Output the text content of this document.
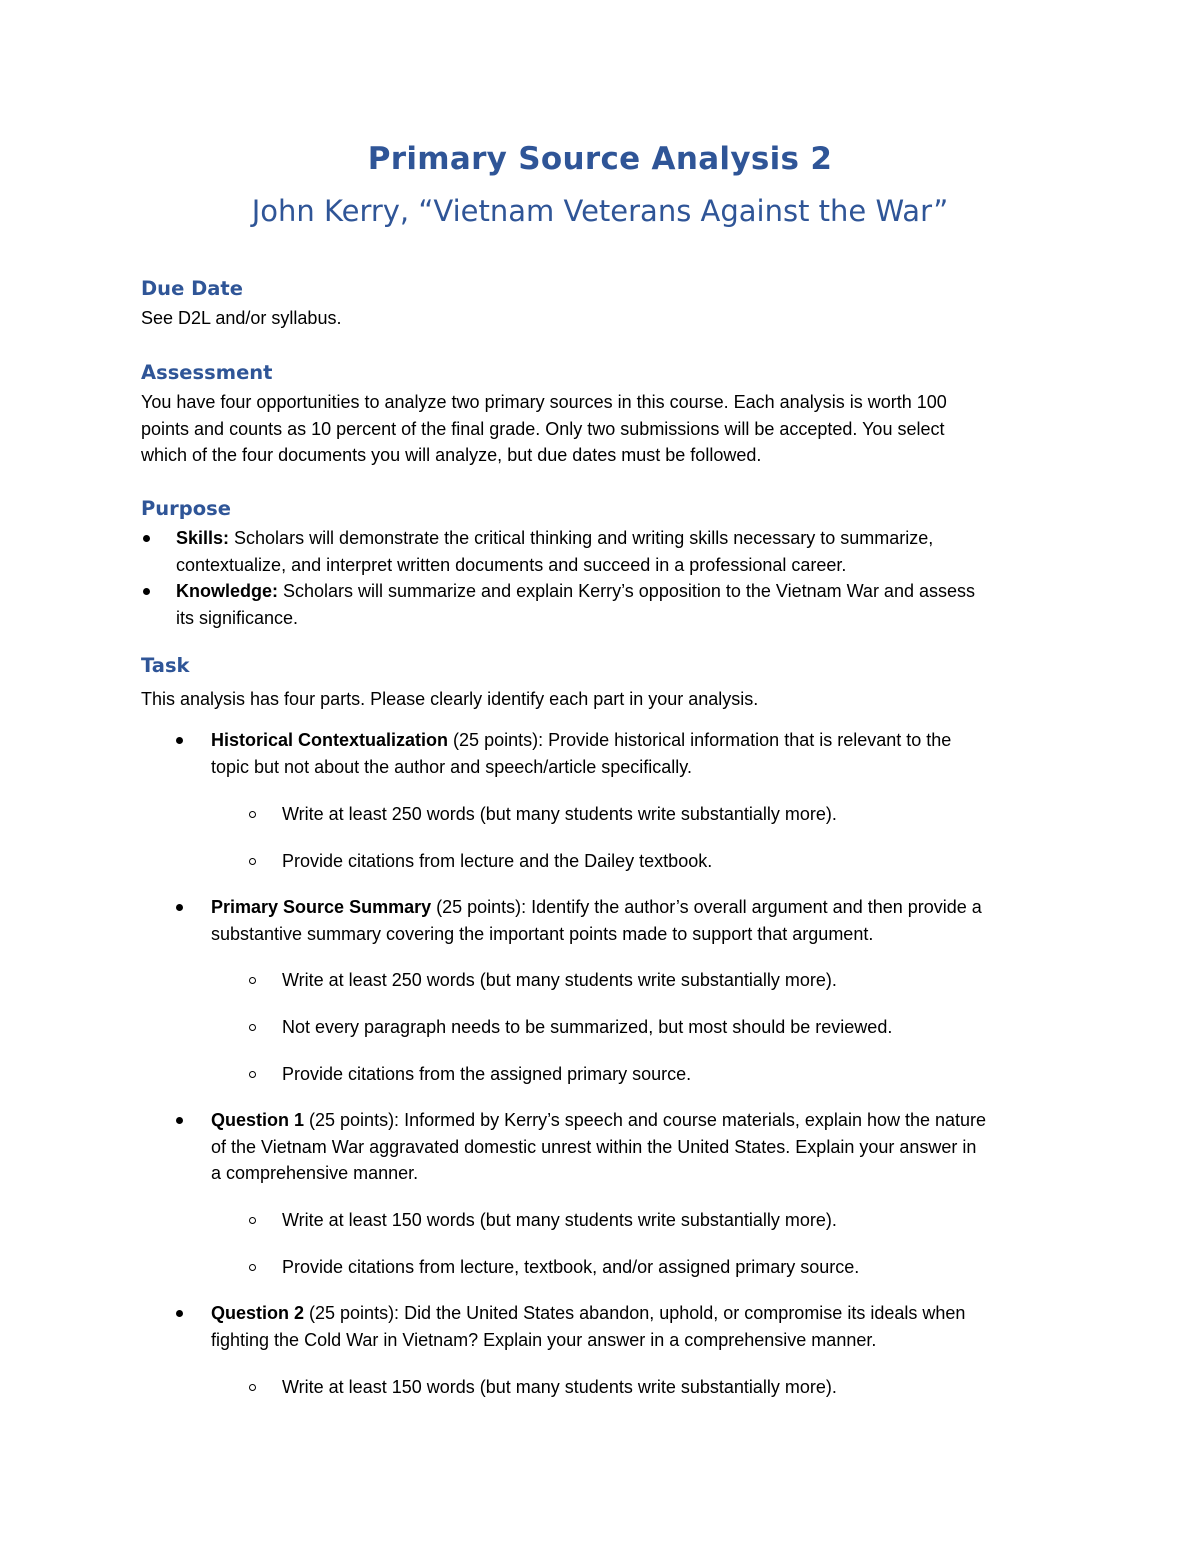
Primary Source Analysis 2
John Kerry, “Vietnam Veterans Against the War”
Due Date
See D2L and/or syllabus.
Assessment
You have four opportunities to analyze two primary sources in this course. Each analysis is worth 100
points and counts as 10 percent of the final grade. Only two submissions will be accepted. You select
which of the four documents you will analyze, but due dates must be followed.
Purpose
Skills: Scholars will demonstrate the critical thinking and writing skills necessary to summarize,
contextualize, and interpret written documents and succeed in a professional career.
Knowledge: Scholars will summarize and explain Kerry’s opposition to the Vietnam War and assess
its significance.
Task
This analysis has four parts. Please clearly identify each part in your analysis.
Historical Contextualization (25 points): Provide historical information that is relevant to the
topic but not about the author and speech/article specifically.
Write at least 250 words (but many students write substantially more).
Provide citations from lecture and the Dailey textbook.
Primary Source Summary (25 points): Identify the author’s overall argument and then provide a
substantive summary covering the important points made to support that argument.
Write at least 250 words (but many students write substantially more).
Not every paragraph needs to be summarized, but most should be reviewed.
Provide citations from the assigned primary source.
Question 1 (25 points): Informed by Kerry’s speech and course materials, explain how the nature
of the Vietnam War aggravated domestic unrest within the United States. Explain your answer in
a comprehensive manner.
Write at least 150 words (but many students write substantially more).
Provide citations from lecture, textbook, and/or assigned primary source.
Question 2 (25 points): Did the United States abandon, uphold, or compromise its ideals when
fighting the Cold War in Vietnam? Explain your answer in a comprehensive manner.
Write at least 150 words (but many students write substantially more).
